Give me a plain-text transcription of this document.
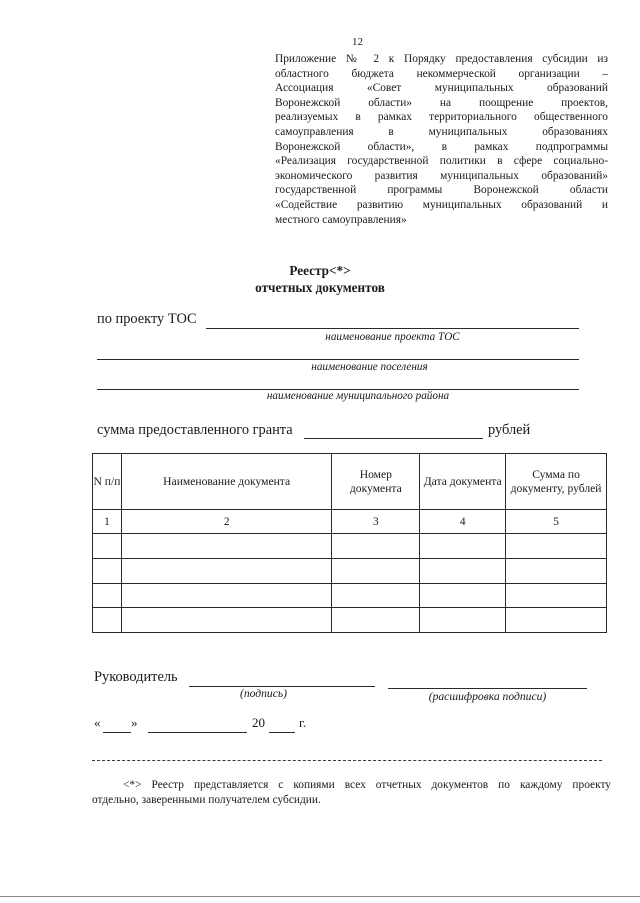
12
Приложение № 2 к Порядку предоставления субсидии из
областного бюджета некоммерческой организации –
Ассоциация «Совет муниципальных образований
Воронежской области» на поощрение проектов,
реализуемых в рамках территориального общественного
самоуправления в муниципальных образованиях
Воронежской области», в рамках подпрограммы
«Реализация государственной политики в сфере социально-
экономического развития муниципальных образований»
государственной программы Воронежской области
«Содействие развитию муниципальных образований и
местного самоуправления»
Реестр<*>
отчетных документов
по проекту ТОС
наименование проекта ТОС
наименование поселения
наименование муниципального района
сумма предоставленного гранта	рублей
N п/п	Наименование документа	Номер документа	Дата документа	Сумма по документу, рублей
1	2	3	4	5

Руководитель
(подпись)	(расшифровка подписи)
« »	20	г.
<*> Реестр представляется с копиями всех отчетных документов по каждому проекту
отдельно, заверенными получателем субсидии.
